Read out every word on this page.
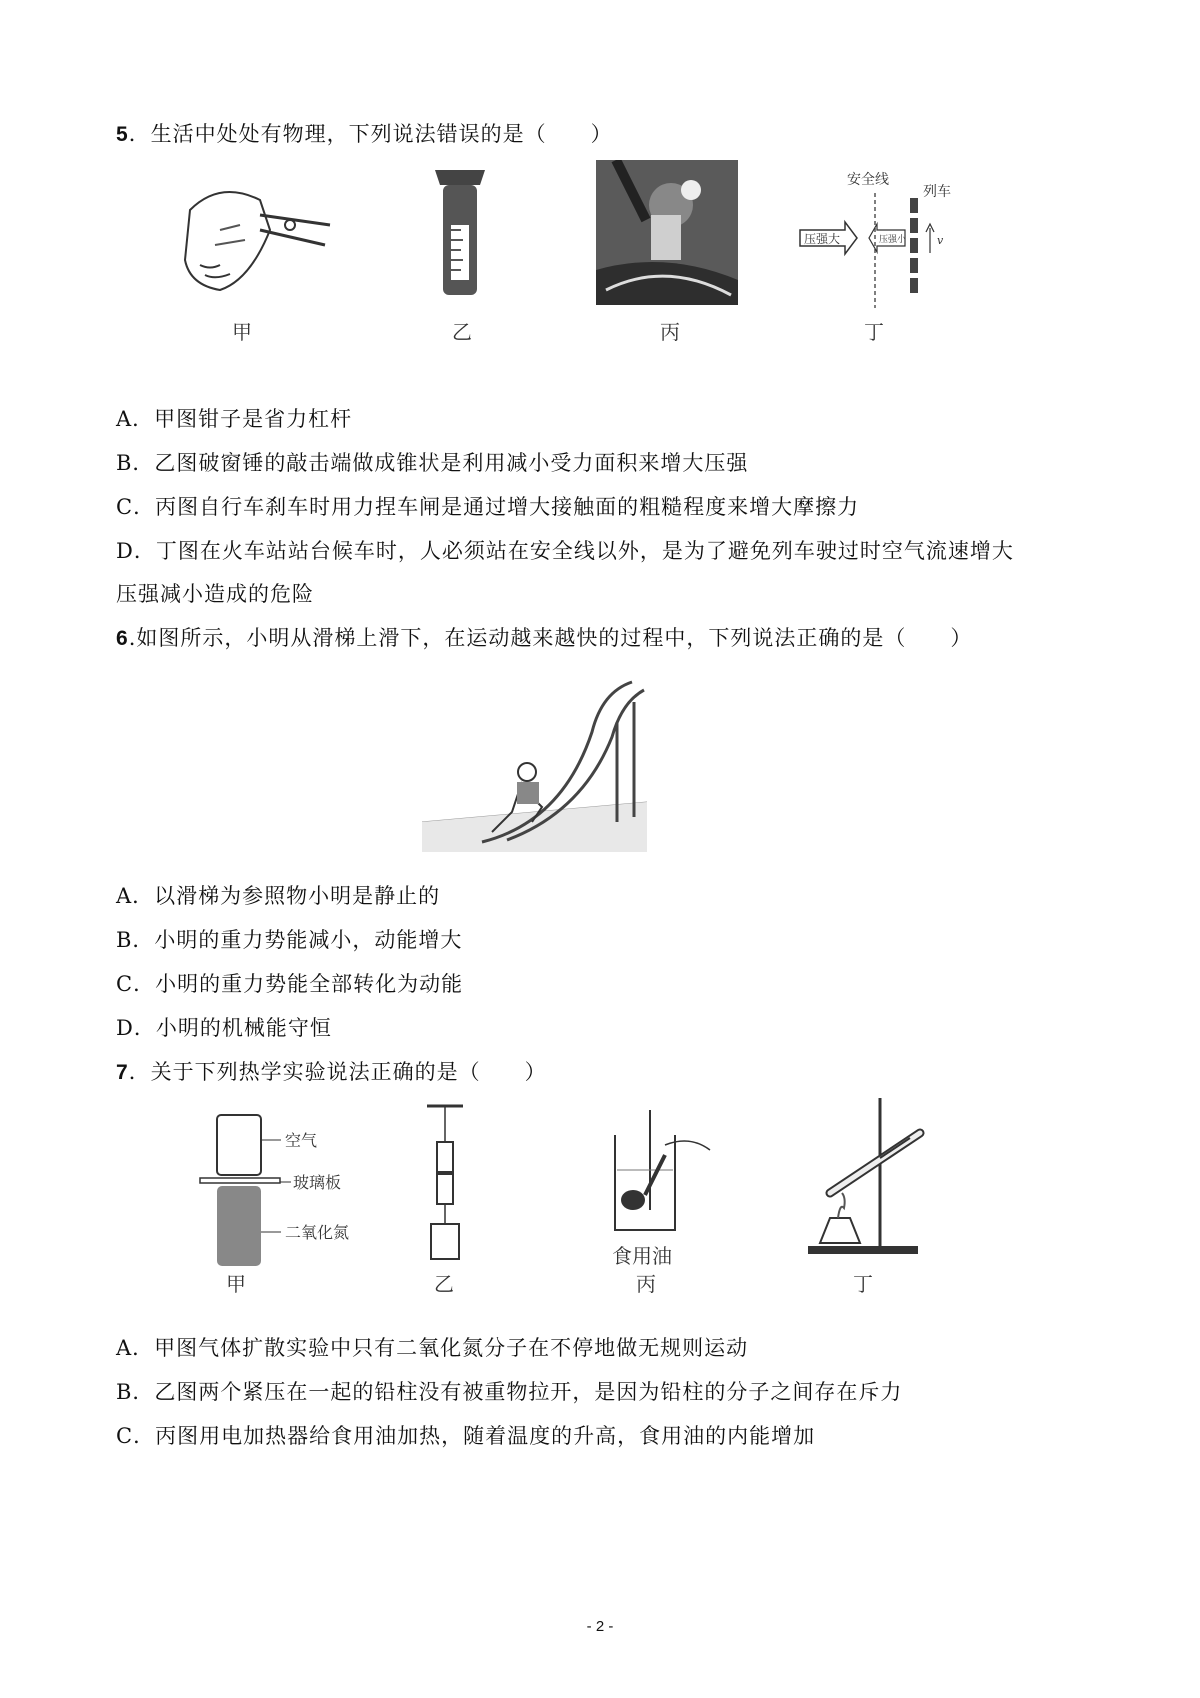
5．生活中处处有物理，下列说法错误的是（　　）
甲	乙	丙
安全线
列车
压强大	压强小	v
丁
A．甲图钳子是省力杠杆
B．乙图破窗锤的敲击端做成锥状是利用减小受力面积来增大压强
C．丙图自行车刹车时用力捏车闸是通过增大接触面的粗糙程度来增大摩擦力
D．丁图在火车站站台候车时，人必须站在安全线以外，是为了避免列车驶过时空气流速增大
压强减小造成的危险
6.如图所示，小明从滑梯上滑下，在运动越来越快的过程中，下列说法正确的是（　　）
A．以滑梯为参照物小明是静止的
B．小明的重力势能减小，动能增大
C．小明的重力势能全部转化为动能
D．小明的机械能守恒
7．关于下列热学实验说法正确的是（　　）
空气
玻璃板
二氧化氮
甲	乙
食用油
丙	丁
A．甲图气体扩散实验中只有二氧化氮分子在不停地做无规则运动
B．乙图两个紧压在一起的铅柱没有被重物拉开，是因为铅柱的分子之间存在斥力
C．丙图用电加热器给食用油加热，随着温度的升高，食用油的内能增加
- 2 -
